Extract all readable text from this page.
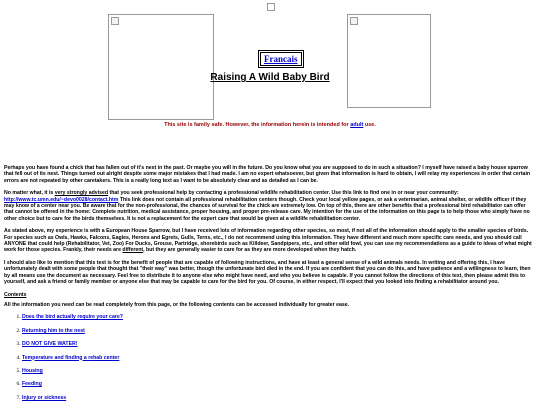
Francais
Raising A Wild Baby Bird
This site is family safe. However, the information herein is intended for adult use.

Perhaps you have found a chick that has fallen out of it's nest in the past. Or maybe you will in the future. Do you know what you are supposed to do in such a situation? I myself have raised a baby house sparrow that fell out of its nest. Things turned out alright despite some major mistakes that I had made. I am no expert whatsoever, but given that information is hard to obtain, I will relay my experiences in order that certain errors are not repeated by other caretakers. This is a really long text as I want to be absolutely clear and as detailed as I can be.

No matter what, it is very strongly advised that you seek professional help by contacting a professional wildlife rehabilitation center. Use this link to find one in or near your community:
http://www.tc.umn.edu/~devo0028/contact.htm This link does not contain all professional rehabilitation centers though. Check your local yellow pages, or ask a veterinarian, animal shelter, or wildlife officer if they may know of a center near you. Be aware that for the non-professional, the chances of survival for the chick are extremely low. On top of this, there are other benefits that a professional bird rehabilitator can offer that cannot be offered in the home: Complete nutrition, medical assistance, proper housing, and proper pre-release care. My intention for the use of the information on this page is to help those who simply have no other choice but to care for the birds themselves. It is not a replacement for the expert care that would be given at a wildlife rehabilitation center.

As stated above, my experience is with a European House Sparrow, but I have received lots of information regarding other species, so most, if not all of the information should apply to the smaller species of birds. For species such as Owls, Hawks, Falcons, Eagles, Herons and Egrets, Gulls, Terns, etc., I do not recommend using this information. They have different and much more specific care needs, and you should call ANYONE that could help (Rehabilitator, Vet, Zoo) For Ducks, Grouse, Partridge, shorebirds such as Killdeer, Sandpipers, etc., and other wild fowl, you can use my recommendations as a guide to ideas of what might work for those species. Frankly, their needs are different, but they are generally easier to care for as they are more developed when they hatch.

I should also like to mention that this text is for the benefit of people that are capable of following instructions, and have at least a general sense of a wild animals needs. In writing and offering this, I have unfortunately dealt with some people that thought that "their way" was better, though the unfortunate bird died in the end. If you are confident that you can do this, and have patience and a willingness to learn, then by all means use the document as necessary. Feel free to distribute it to anyone else who might have need, and who you believe is capable. If you cannot follow the directions of this text, then please admit this to yourself, and ask a friend or family member or anyone else that may be capable to care for the bird for you. Of course, in either respect, I'll expect that you looked into finding a rehabilitator around you.

Contents
All the information you need can be read completely from this page, or the following contents can be accessed individually for greater ease.
1. Does the bird actually require your care?
2. Returning him to the nest
3. DO NOT GIVE WATER!
4. Temperature and finding a rehab center
5. Housing
6. Feeding
7. Injury or sickness
